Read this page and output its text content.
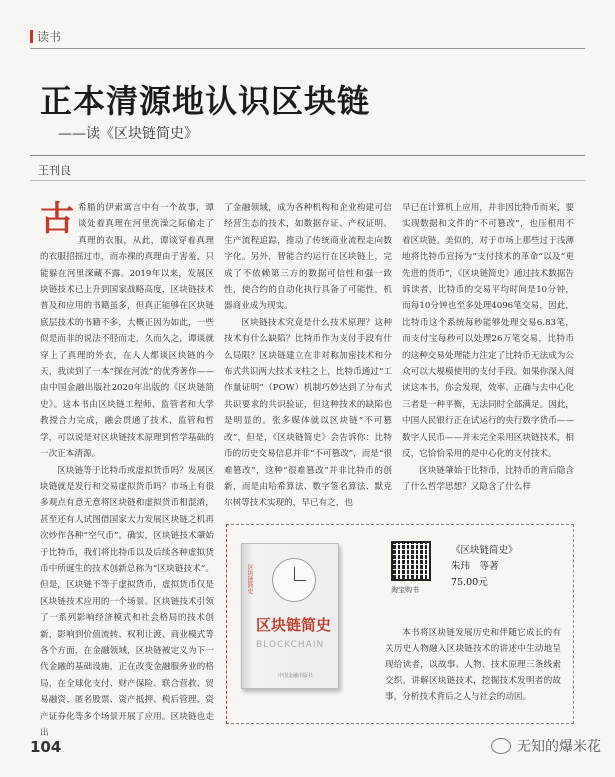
读书
正本清源地认识区块链
——读《区块链简史》
王刊良

古希腊的伊索寓言中有一个故事，谭谈处着真理在河里洗澡之际偷走了真理的衣服，从此，谭谈穿着真理的衣服招摇过市，而赤裸的真理由于害羞，只能躲在河里深藏不露。2019年以来，发展区块链技术已上升到国家战略高度，区块链技术普及和应用的书籍虽多，但真正能够在区块链底层技术的书籍不多，大概正因为如此，一些似是而非的说法不胫而走，久而久之，谭谈就穿上了真理的外衣，在人人都谈区块链的今天，我读到了一本“探在河流”的优秀著作——由中国金融出版社2020年出版的《区块链简史》。这本书由区块链工程师、监管者和大学教授合力完成，融会贯通了技术、监管和哲学，可以说是对区块链技术原理到哲学基础的一次正本清源。

区块链等于比特币或虚拟货币吗？发展区块链就是发行和交易虚拟货币吗？市场上有很多观点有意无意将区块链和虚拟货币相混淆，甚至还有人试图借国家大力发展区块链之机再次炒作各种“空气币”。确实，区块链技术肇始于比特币，我们将比特币以及后续各种虚拟货币中所诞生的技术创新总称为“区块链技术”。但是，区块链不等于虚拟货币，虚拟货币仅是区块链技术应用的一个场景。区块链技术引领了一系列影响经济模式和社会格局的技术创新，影响到价值流转、权利让渡、商业模式等各个方面，在金融领域，区块链被定义为下一代金融的基础设施，正在改变金融服务业的格局，在全球化支付、财产保险、联合营救、贸易融资、匿名股票、资产抵押、税后管理、资产证券化等多个场景开展了应用。区块链也走出

了金融领域，成为各种机构和企业构建可信经营生态的技术，如数据存证、产权证明、生产流程追踪，推动了传统商业流程走向数字化。另外，智能合约运行在区块链上，完成了不依赖第三方的数据可信性和强一致性，使合约的自动化执行具备了可能性，机器商业成为现实。

区块链技术究竟是什么技术原理？这种技术有什么缺陷？比特币作为支付手段有什么局限？区块链建立在非对称加密技术和分布式共识两大技术支柱之上，比特币通过“工作量证明”（POW）机制巧妙达到了分布式共识要求的共识验证，但这种技术的缺陷也是明显的。张多媒体就以区块链“不可篡改”，但是，《区块链简史》会告诉你：比特币的历史交易信息并非“不可篡改”，而是“很难篡改”，这种“很难篡改”并非比特币的创新，而是由哈希算法、数字签名算法、默克尔树等技术实现的，早已有之，也

早已在计算机上应用，并非因比特币而来，要实现数据和文件的“不可篡改”，也压根用不着区块链。美似的，对于市场上那些过于浅薄地将比特币宣扬为“支付技术的革命”以及“更先进的货币”，《区块链简史》通过技术数据告诉读者，比特币的交易平均时间是10分钟，而每10分钟也至多处理4096笔交易，因此，比特币这个系统每秒能够处理交易6.83笔，而支付宝每秒可以处理26万笔交易，比特币的这种交易处理能力注定了比特币无法成为公众可以大规模使用的支付手段。如果你深入阅读这本书，你会发现，效率、正确与去中心化三者是一种平衡，无法同时全部满足。因此，中国人民银行正在试运行的央行数字货币——数字人民币——并未完全采用区块链技术，相反，它恰恰采用的是中心化的支付技术。

区块链肇始于比特币，比特币的背后隐含了什么哲学思想？又隐含了什么样

区块链简史
区块链简史
BLOCKCHAIN
中国金融出版社
淘宝购书
《区块链简史》
朱玮　等著
75.00元
本书将区块链发展历史和伴随它成长的有关历史人物融入区块链技术的讲述中生动地呈现给读者，以故事、人物、技术原理三条线索交织，讲解区块链技术，挖掘技术发明者的故事，分析技术背后之人与社会的动因。
104	无知的爆米花
